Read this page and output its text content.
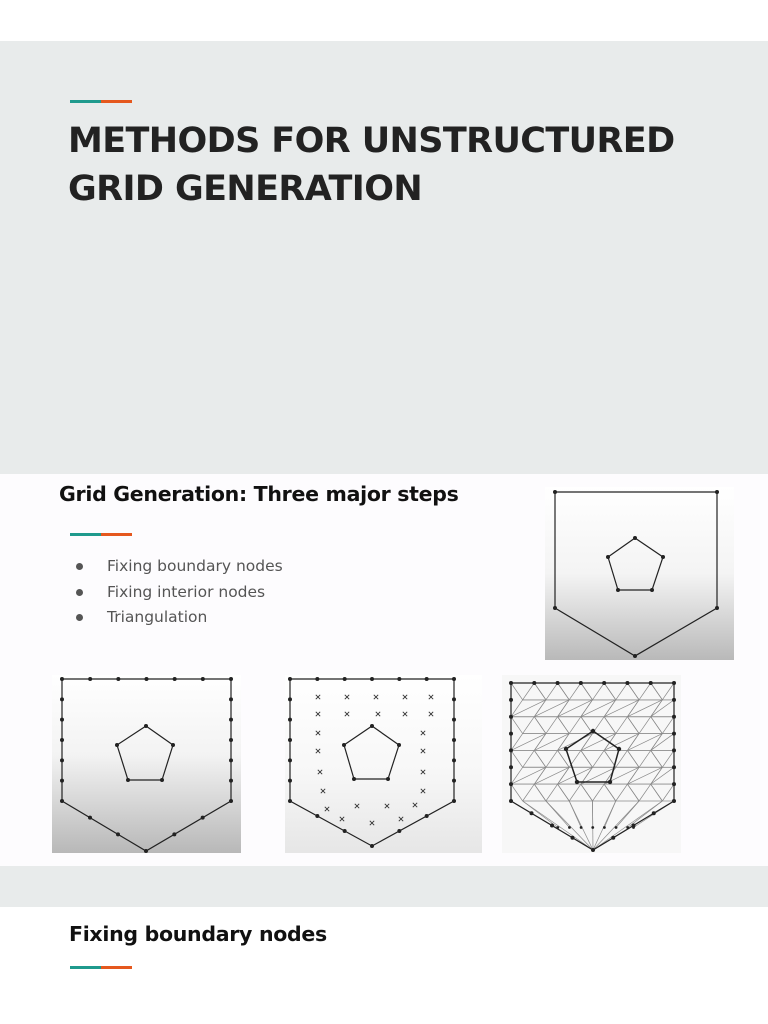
METHODS FOR UNSTRUCTURED
GRID GENERATION
Grid Generation: Three major steps
Fixing boundary nodes
Fixing interior nodes
Triangulation
Fixing boundary nodes
